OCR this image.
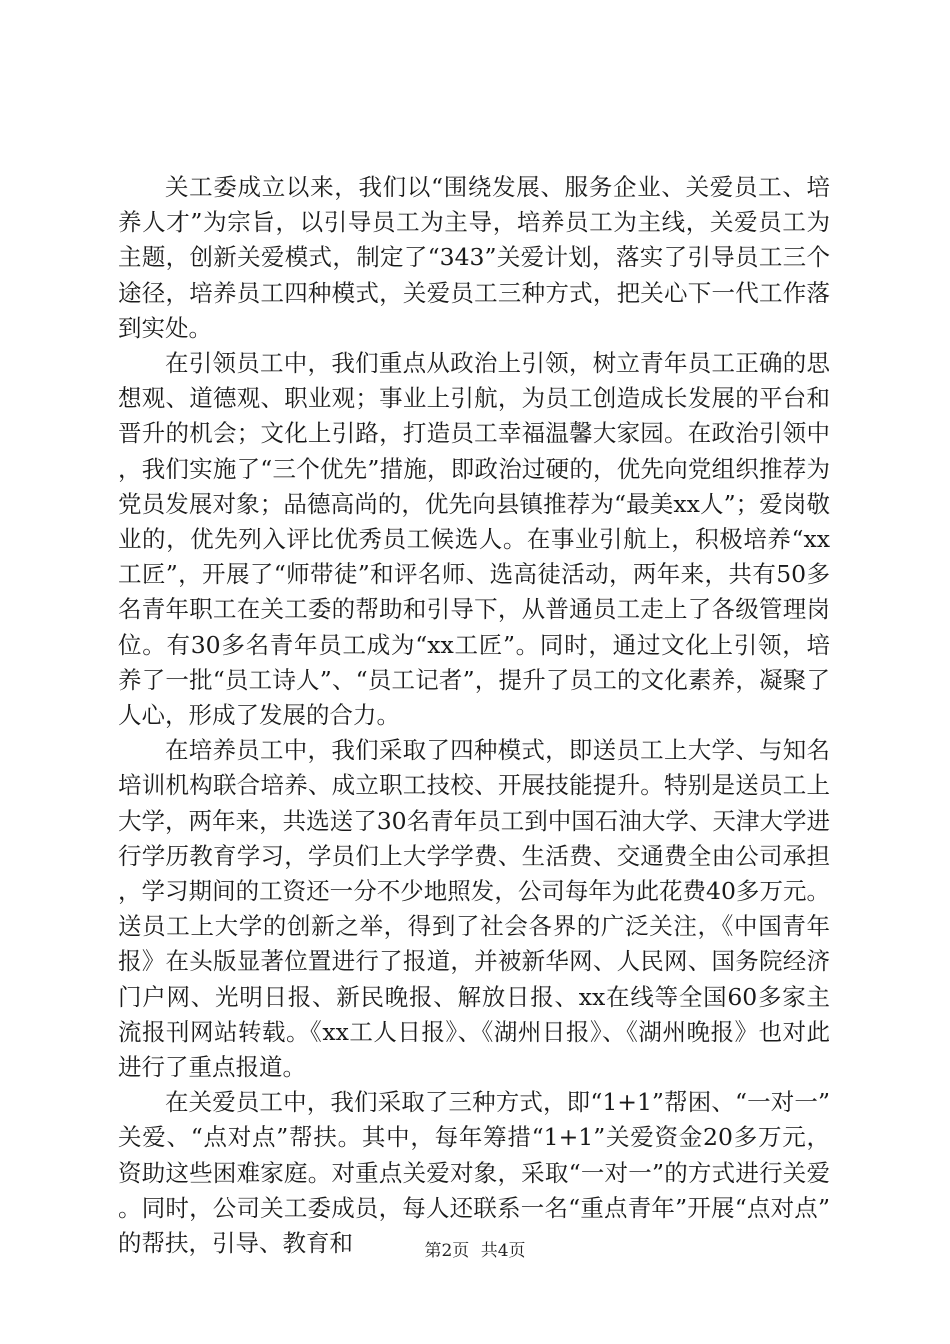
关工委成立以来，我们以“围绕发展、服务企业、关爱员工、培养人才”为宗旨，以引导员工为主导，培养员工为主线，关爱员工为主题，创新关爱模式，制定了“343”关爱计划，落实了引导员工三个途径，培养员工四种模式，关爱员工三种方式，把关心下一代工作落到实处。

在引领员工中，我们重点从政治上引领，树立青年员工正确的思想观、道德观、职业观；事业上引航，为员工创造成长发展的平台和晋升的机会；文化上引路，打造员工幸福温馨大家园。在政治引领中，我们实施了“三个优先”措施，即政治过硬的，优先向党组织推荐为党员发展对象；品德高尚的，优先向县镇推荐为“最美xx人”；爱岗敬业的，优先列入评比优秀员工候选人。在事业引航上，积极培养“xx工匠”，开展了“师带徒”和评名师、选高徒活动，两年来，共有50多名青年职工在关工委的帮助和引导下，从普通员工走上了各级管理岗位。有30多名青年员工成为“xx工匠”。同时，通过文化上引领，培养了一批“员工诗人”、“员工记者”，提升了员工的文化素养，凝聚了人心，形成了发展的合力。

在培养员工中，我们采取了四种模式，即送员工上大学、与知名培训机构联合培养、成立职工技校、开展技能提升。特别是送员工上大学，两年来，共选送了30名青年员工到中国石油大学、天津大学进行学历教育学习，学员们上大学学费、生活费、交通费全由公司承担，学习期间的工资还一分不少地照发，公司每年为此花费40多万元。送员工上大学的创新之举，得到了社会各界的广泛关注，《中国青年报》在头版显著位置进行了报道，并被新华网、人民网、国务院经济门户网、光明日报、新民晚报、解放日报、xx在线等全国60多家主流报刊网站转载。《xx工人日报》、《湖州日报》、《湖州晚报》也对此进行了重点报道。

在关爱员工中，我们采取了三种方式，即“1+1”帮困、“一对一”关爱、“点对点”帮扶。其中，每年筹措“1+1”关爱资金20多万元，资助这些困难家庭。对重点关爱对象，采取“一对一”的方式进行关爱。同时，公司关工委成员，每人还联系一名“重点青年”开展“点对点”的帮扶，引导、教育和	第2页 共4页
